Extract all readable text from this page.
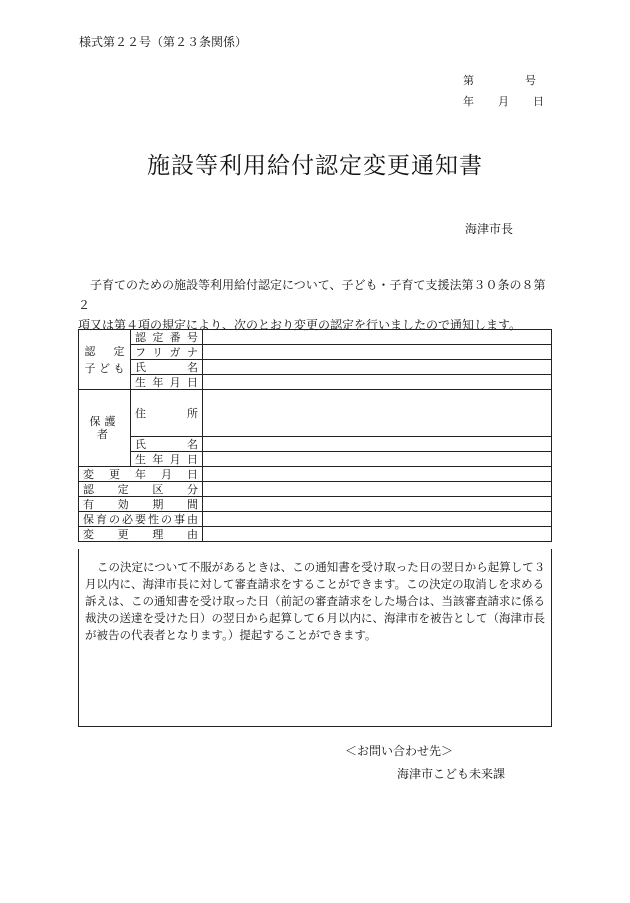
様式第２２号（第２３条関係）
第	号
年	月	日
施設等利用給付認定変更通知書
海津市長

子育てのための施設等利用給付認定について、子ども・子育て支援法第３０条の８第２

項又は第４項の規定により、次のとおり変更の認定を行いましたので通知します。

認　定 子ども	認定番号	
	フリガナ	
	氏名	
	生年月日	
保護者	住所	
	氏名	
	生年月日	
変更年月日		
認定区分		
有効期間		
保育の必要性の事由		
変更理由		

この決定について不服があるときは、この通知書を受け取った日の翌日から起算して３月以内に、海津市長に対して審査請求をすることができます。この決定の取消しを求める訴えは、この通知書を受け取った日（前記の審査請求をした場合は、当該審査請求に係る裁決の送達を受けた日）の翌日から起算して６月以内に、海津市を被告として（海津市長が被告の代表者となります。）提起することができます。

＜お問い合わせ先＞
海津市こども未来課
